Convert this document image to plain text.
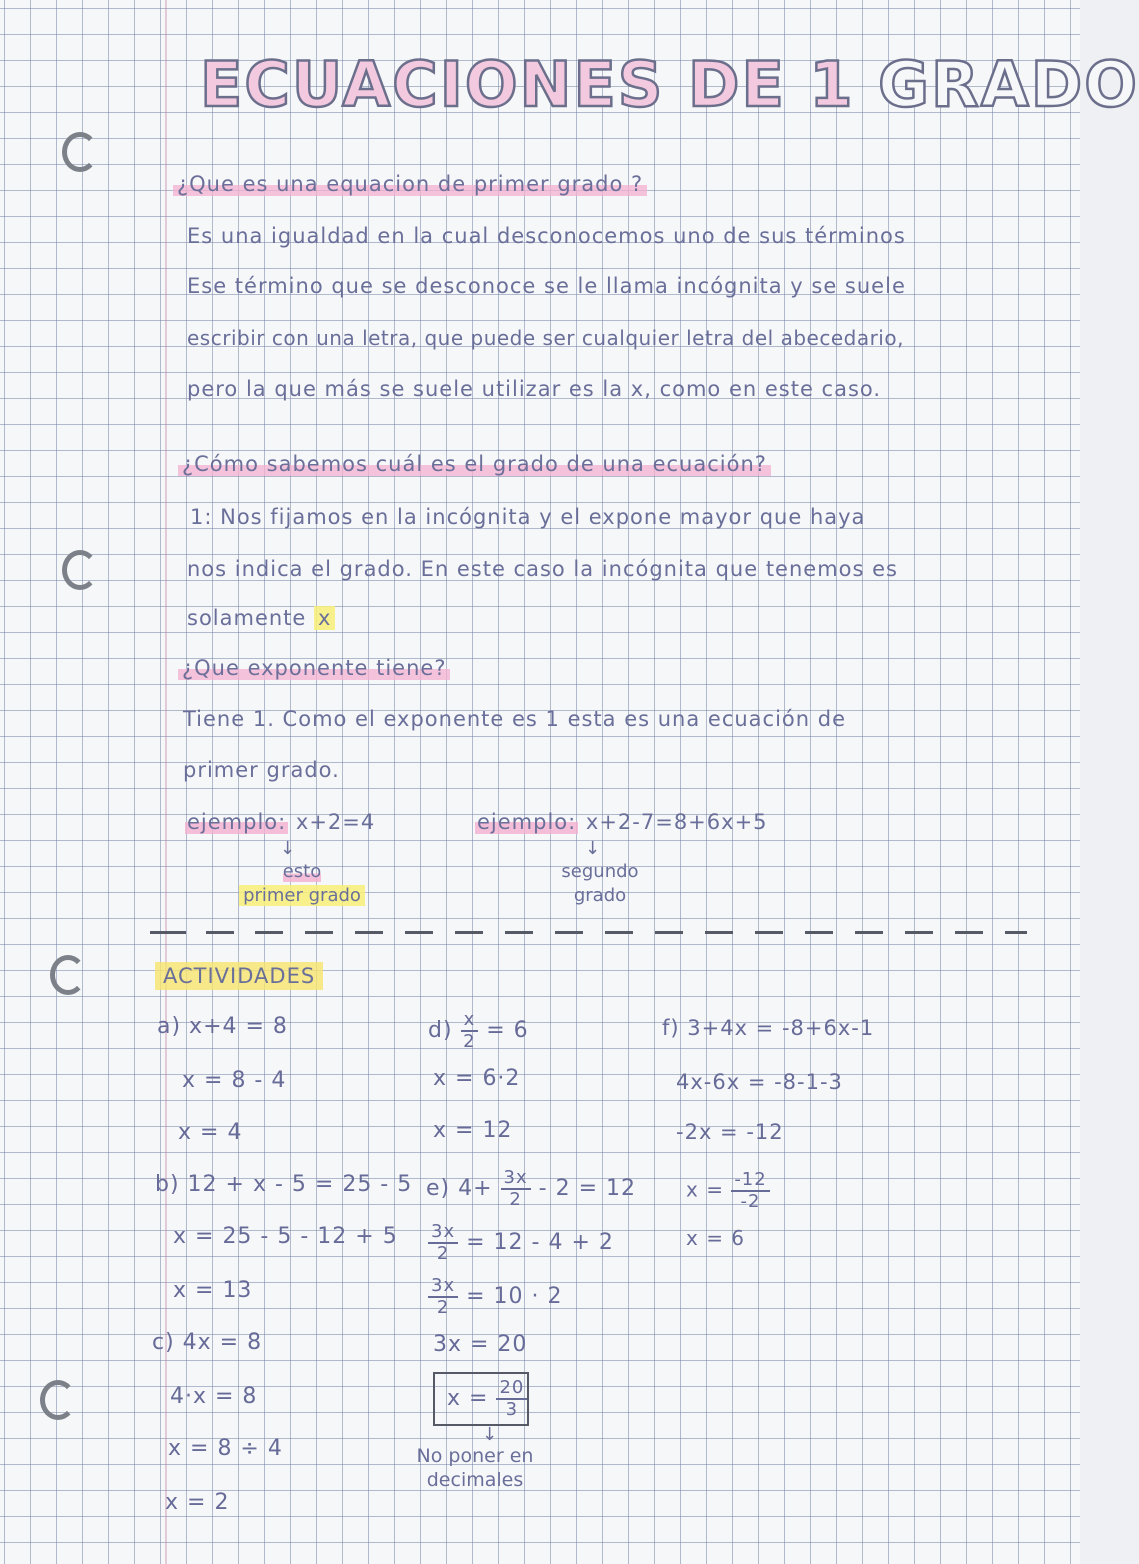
ECUACIONES DE 1 GRADO
¿Que es una equacion de primer grado ?
Es una igualdad en la cual desconocemos uno de sus términos
Ese término que se desconoce se le llama incógnita y se suele
escribir con una letra, que puede ser cualquier letra del abecedario,
pero la que más se suele utilizar es la x, como en este caso.
¿Cómo sabemos cuál es el grado de una ecuación?
1: Nos fijamos en la incógnita y el expone mayor que haya
nos indica el grado. En este caso la incógnita que tenemos es
solamente x
¿Que exponente tiene?
Tiene 1. Como el exponente es 1 esta es una ecuación de
primer grado.
ejemplo: x+2=4
↓
esto
primer grado
ejemplo: x+2-7=8+6x+5
↓
segundo
grado
ACTIVIDADES
a) x+4 = 8
x = 8 - 4
x = 4
b) 12 + x - 5 = 25 - 5
x = 25 - 5 - 12 + 5
x = 13
c) 4x = 8
4·x = 8
x = 8 ÷ 4
x = 2
$d) \frac{x}{2} = 6$
x = 6·2
x = 12
e) $4+ \frac{3x}{2} - 2 = 12$
$\frac{3x}{2} = 12 - 4 + 2$
$\frac{3x}{2} = 10 \cdot 2$
3x = 20
$x = \frac{20}{3}$
↓
No poner en
decimales
f) 3+4x = -8+6x-1
4x-6x = -8-1-3
-2x = -12
$x = \frac{-12}{-2}$
x = 6
